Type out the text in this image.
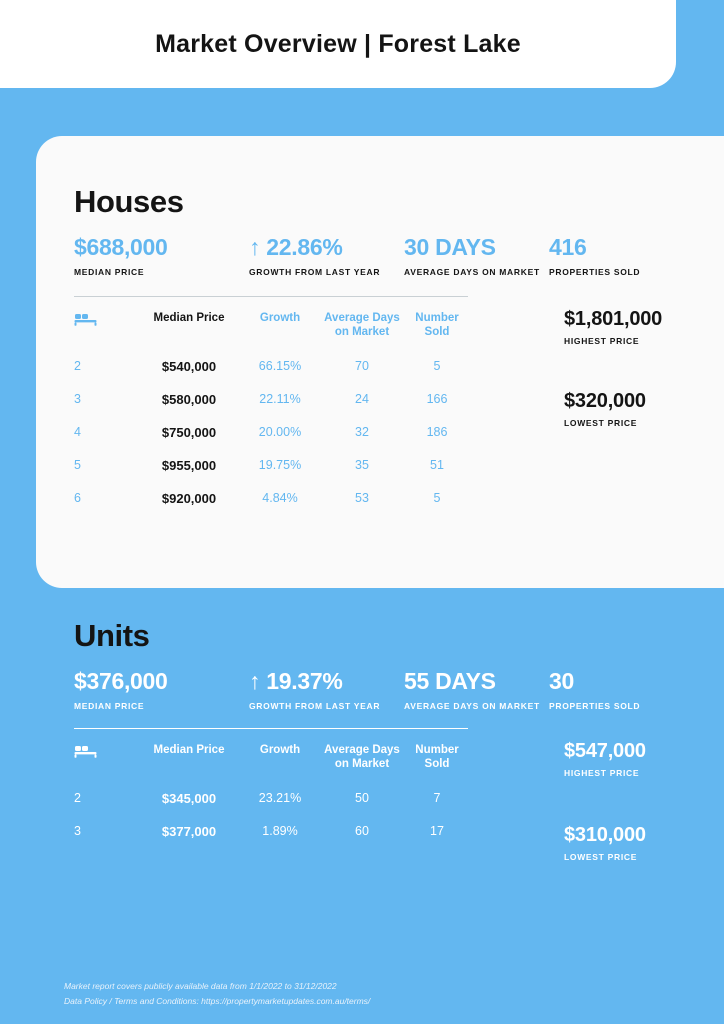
Market Overview | Forest Lake
Houses
$688,000
MEDIAN PRICE
↑ 22.86%
GROWTH FROM LAST YEAR
30 DAYS
AVERAGE DAYS ON MARKET
416
PROPERTIES SOLD
	Median Price	Growth	Average Days on Market	Number Sold
2	$540,000	66.15%	70	5
3	$580,000	22.11%	24	166
4	$750,000	20.00%	32	186
5	$955,000	19.75%	35	51
6	$920,000	4.84%	53	5
$1,801,000
HIGHEST PRICE
$320,000
LOWEST PRICE
Units
$376,000
MEDIAN PRICE
↑ 19.37%
GROWTH FROM LAST YEAR
55 DAYS
AVERAGE DAYS ON MARKET
30
PROPERTIES SOLD
	Median Price	Growth	Average Days on Market	Number Sold
2	$345,000	23.21%	50	7
3	$377,000	1.89%	60	17
$547,000
HIGHEST PRICE
$310,000
LOWEST PRICE
Market report covers publicly available data from 1/1/2022 to 31/12/2022
Data Policy / Terms and Conditions: https://propertymarketupdates.com.au/terms/
